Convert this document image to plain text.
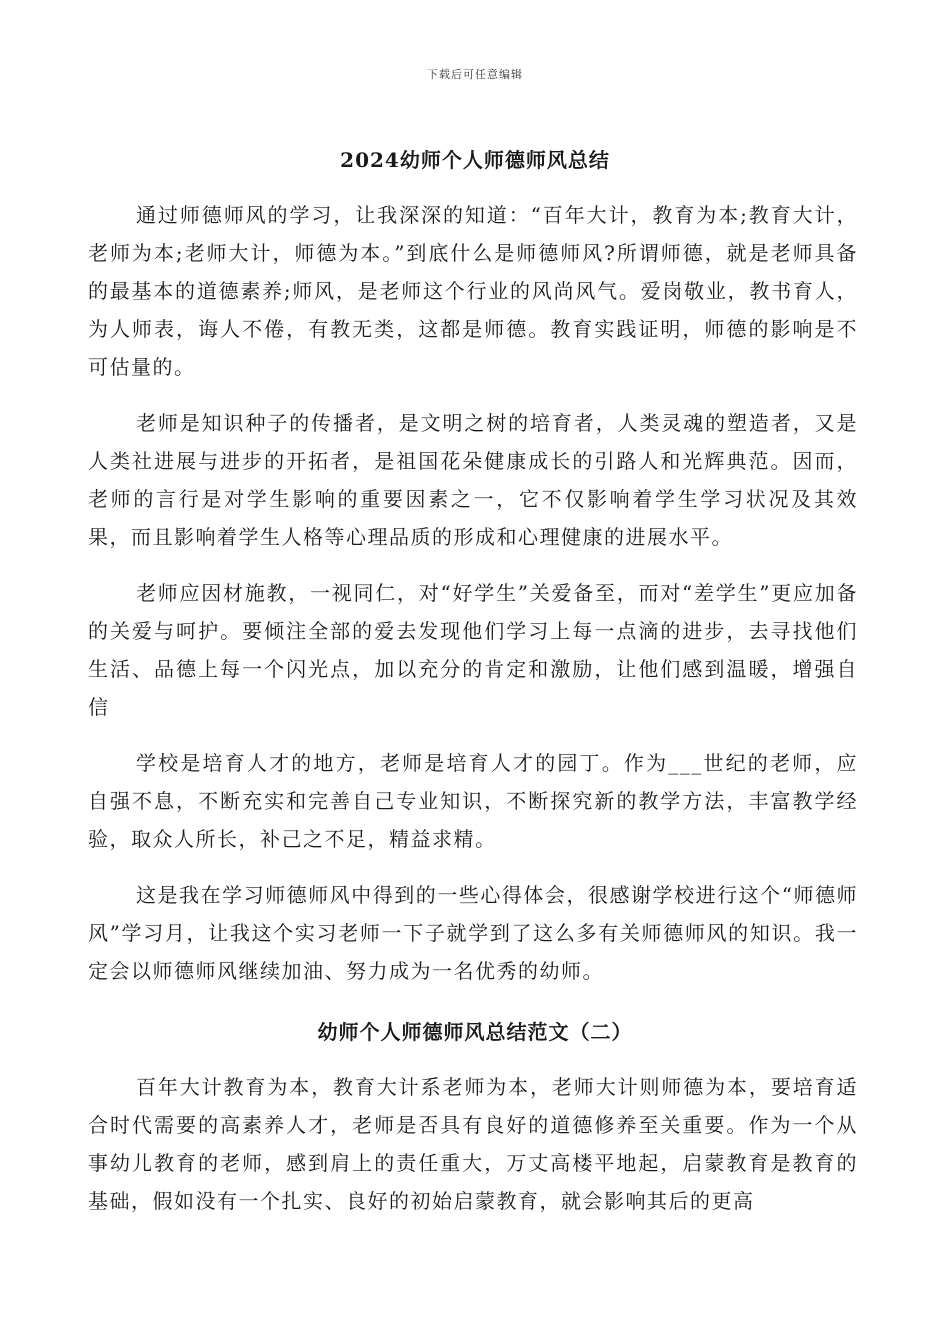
下载后可任意编辑
2024幼师个人师德师风总结

通过师德师风的学习，让我深深的知道：“百年大计，教育为本;教育大计，老师为本;老师大计，师德为本。”到底什么是师德师风?所谓师德，就是老师具备的最基本的道德素养;师风，是老师这个行业的风尚风气。爱岗敬业，教书育人，为人师表，诲人不倦，有教无类，这都是师德。教育实践证明，师德的影响是不可估量的。

老师是知识种子的传播者，是文明之树的培育者，人类灵魂的塑造者，又是人类社进展与进步的开拓者，是祖国花朵健康成长的引路人和光辉典范。因而，老师的言行是对学生影响的重要因素之一，它不仅影响着学生学习状况及其效果，而且影响着学生人格等心理品质的形成和心理健康的进展水平。

老师应因材施教，一视同仁，对“好学生”关爱备至，而对“差学生”更应加备的关爱与呵护。要倾注全部的爱去发现他们学习上每一点滴的进步，去寻找他们生活、品德上每一个闪光点，加以充分的肯定和激励，让他们感到温暖，增强自信

学校是培育人才的地方，老师是培育人才的园丁。作为___世纪的老师，应自强不息，不断充实和完善自己专业知识，不断探究新的教学方法，丰富教学经验，取众人所长，补己之不足，精益求精。

这是我在学习师德师风中得到的一些心得体会，很感谢学校进行这个“师德师风”学习月，让我这个实习老师一下子就学到了这么多有关师德师风的知识。我一定会以师德师风继续加油、努力成为一名优秀的幼师。

幼师个人师德师风总结范文（二）

百年大计教育为本，教育大计系老师为本，老师大计则师德为本，要培育适合时代需要的高素养人才，老师是否具有良好的道德修养至关重要。作为一个从事幼儿教育的老师，感到肩上的责任重大，万丈高楼平地起，启蒙教育是教育的基础，假如没有一个扎实、良好的初始启蒙教育，就会影响其后的更高
